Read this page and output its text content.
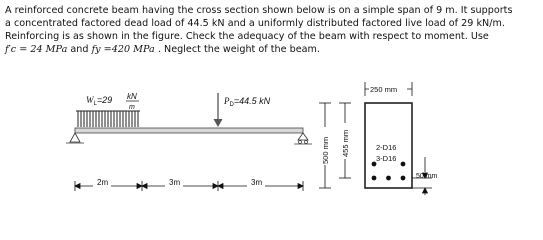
A reinforced concrete beam having the cross section shown below is on a simple span of 9 m. It supports

a concentrated factored dead load of 44.5 kN and a uniformly distributed factored live load of 29 kN/m.

Reinforcing is as shown in the figure. Check the adequacy of the beam with respect to moment. Use

f′c = 24 MPa and fy =420 MPa . Neglect the weight of the beam.

$W_L=29$ kN
m
$P_D=44.5$ kN
2m	3m	3m
250 mm
500 mm 455 mm	2-D16
3-D16
50 mm
